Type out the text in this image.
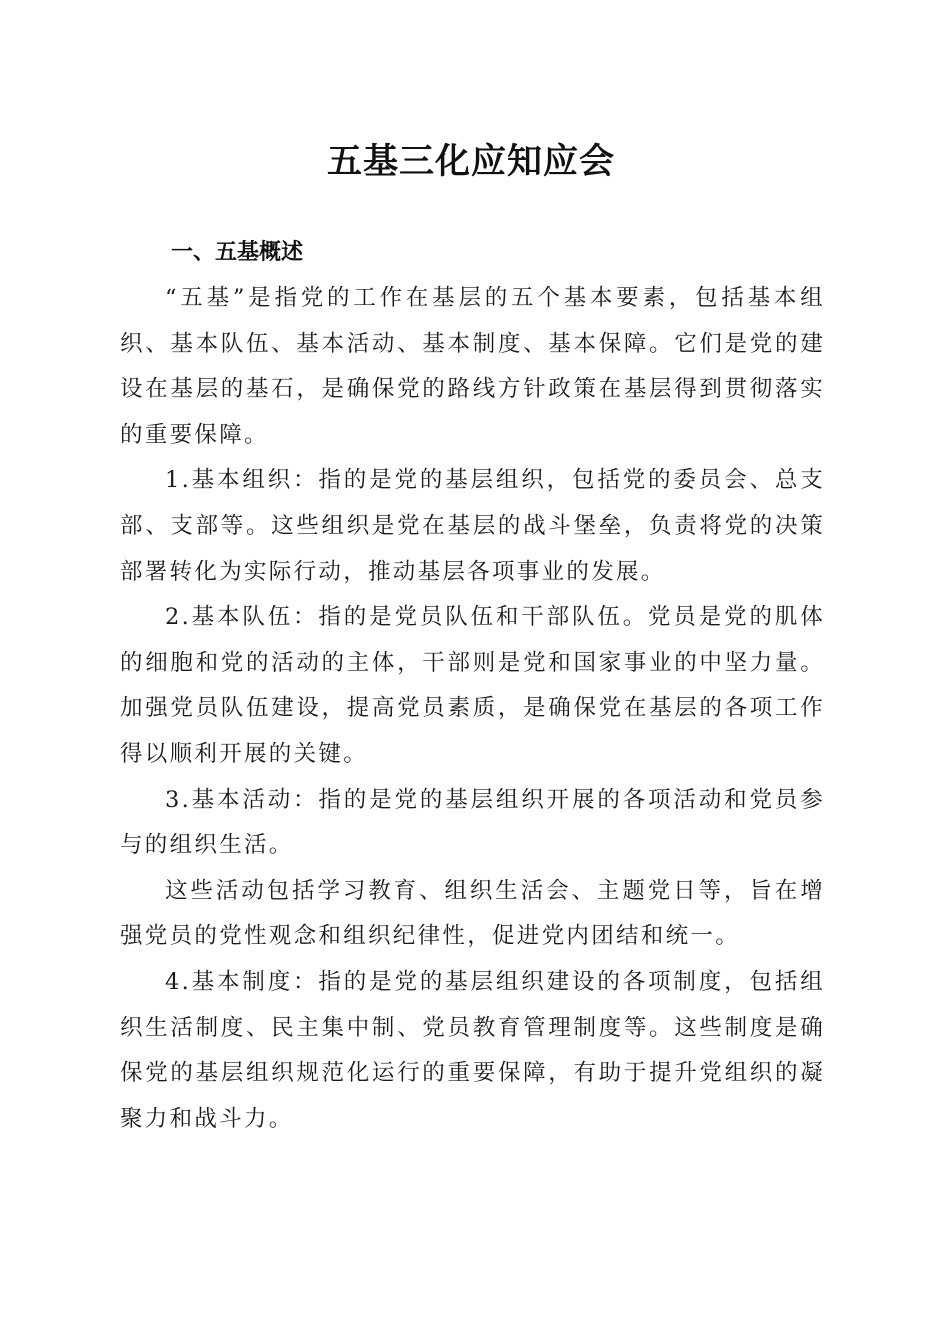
五基三化应知应会
一、五基概述

“五基”是指党的工作在基层的五个基本要素，包括基本组织、基本队伍、基本活动、基本制度、基本保障。它们是党的建设在基层的基石，是确保党的路线方针政策在基层得到贯彻落实的重要保障。

1.基本组织：指的是党的基层组织，包括党的委员会、总支部、支部等。这些组织是党在基层的战斗堡垒，负责将党的决策部署转化为实际行动，推动基层各项事业的发展。

2.基本队伍：指的是党员队伍和干部队伍。党员是党的肌体的细胞和党的活动的主体，干部则是党和国家事业的中坚力量。加强党员队伍建设，提高党员素质，是确保党在基层的各项工作得以顺利开展的关键。

3.基本活动：指的是党的基层组织开展的各项活动和党员参与的组织生活。

这些活动包括学习教育、组织生活会、主题党日等，旨在增强党员的党性观念和组织纪律性，促进党内团结和统一。

4.基本制度：指的是党的基层组织建设的各项制度，包括组织生活制度、民主集中制、党员教育管理制度等。这些制度是确保党的基层组织规范化运行的重要保障，有助于提升党组织的凝聚力和战斗力。
